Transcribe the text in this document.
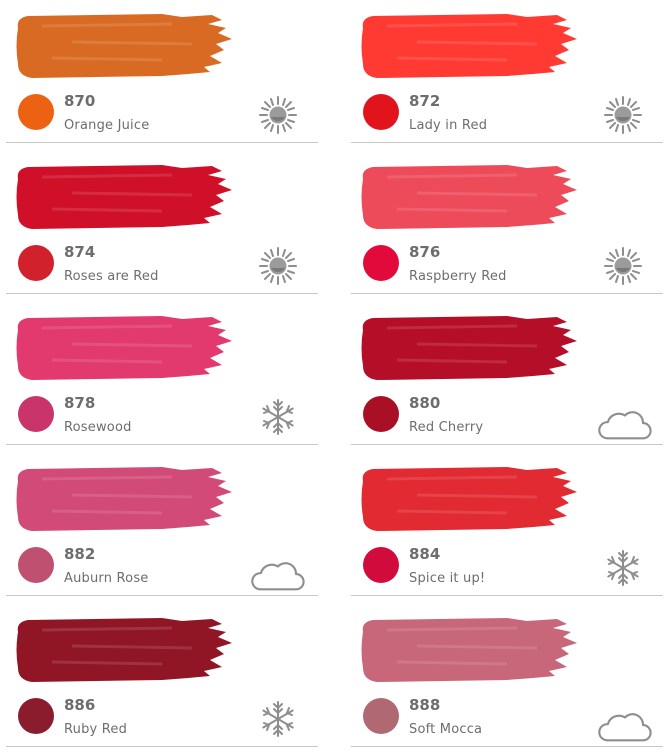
870
Orange Juice
872
Lady in Red
874
Roses are Red
876
Raspberry Red
878
Rosewood
880
Red Cherry
882
Auburn Rose
884
Spice it up!
886
Ruby Red
888
Soft Mocca
